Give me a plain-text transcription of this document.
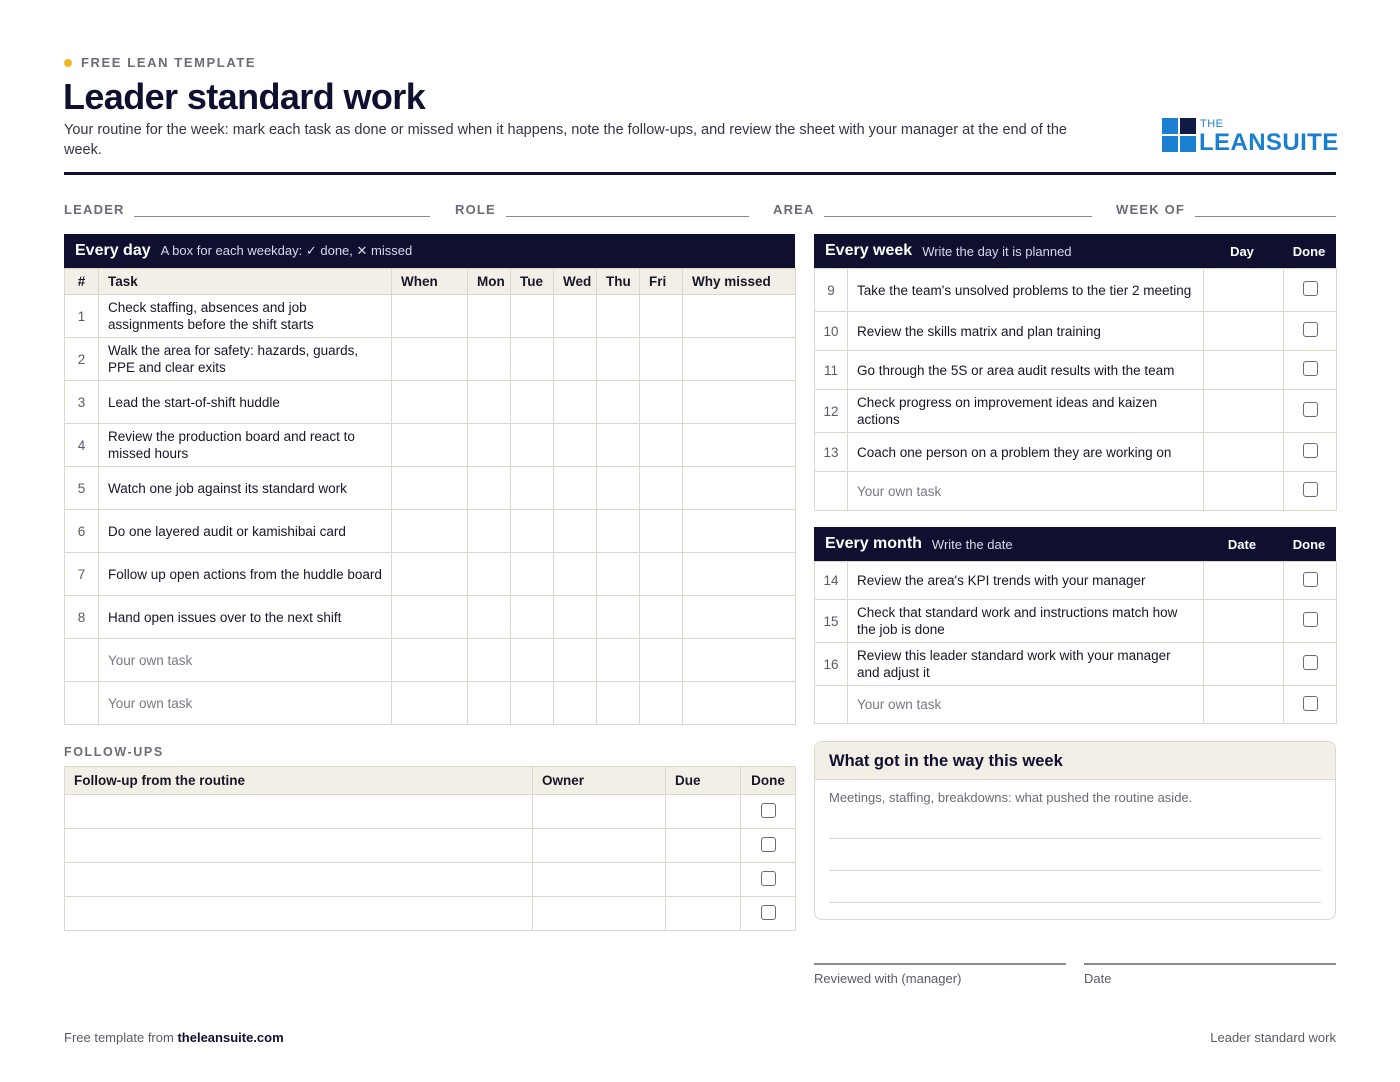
FREE LEAN TEMPLATE
Leader standard work
Your routine for the week: mark each task as done or missed when it happens, note the follow-ups, and review the sheet with your manager at the end of the week.
THE
LEANSUITE
LEADER	ROLE	AREA	WEEK OF
Every day A box for each weekday: ✓ done, ✕ missed
#	Task	When	Mon	Tue	Wed	Thu	Fri	Why missed
1	Check staffing, absences and job assignments before the shift starts							
2	Walk the area for safety: hazards, guards, PPE and clear exits							
3	Lead the start-of-shift huddle							
4	Review the production board and react to missed hours							
5	Watch one job against its standard work							
6	Do one layered audit or kamishibai card							
7	Follow up open actions from the huddle board							
8	Hand open issues over to the next shift							
	Your own task							
	Your own task							
Every week Write the day it is planned	Day	Done
9	Take the team's unsolved problems to the tier 2 meeting		
10	Review the skills matrix and plan training		
11	Go through the 5S or area audit results with the team		
12	Check progress on improvement ideas and kaizen actions		
13	Coach one person on a problem they are working on		
	Your own task		
Every month Write the date	Date	Done
14	Review the area's KPI trends with your manager		
15	Check that standard work and instructions match how the job is done		
16	Review this leader standard work with your manager and adjust it		
	Your own task		
FOLLOW-UPS
Follow-up from the routine	Owner	Due	Done

What got in the way this week
Meetings, staffing, breakdowns: what pushed the routine aside.
Reviewed with (manager)	Date
Free template from theleansuite.com	Leader standard work
